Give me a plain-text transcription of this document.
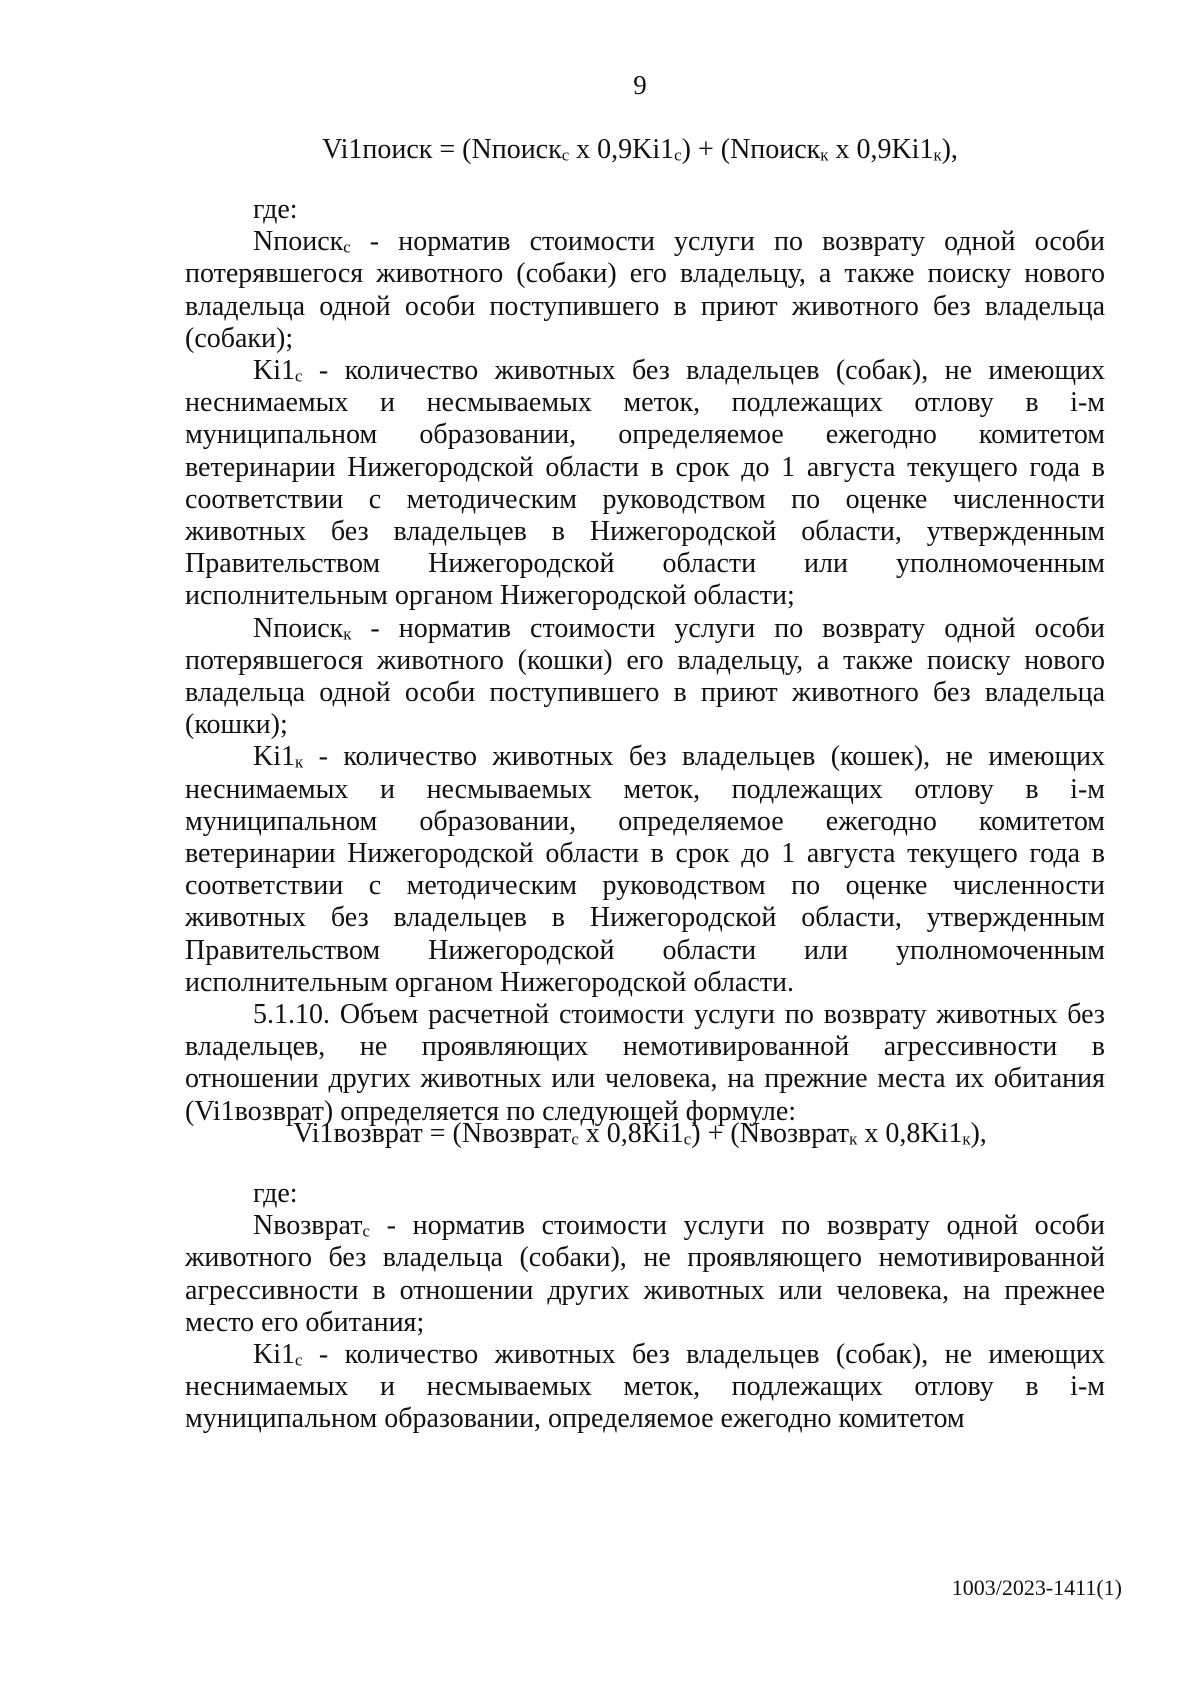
9
Vi1поиск = (Nпоиск$_с$ x $0,9Ki1_с$) + (Nпоиск$_к$ x $0,9Ki1_к$),

где:

Nпоиск$_с$ - норматив стоимости услуги по возврату одной особи потерявшегося животного (собаки) его владельцу, а также поиску нового владельца одной особи поступившего в приют животного без владельца (собаки);

$Ki1_с$ - количество животных без владельцев (собак), не имеющих неснимаемых и несмываемых меток, подлежащих отлову в i-м муниципальном образовании, определяемое ежегодно комитетом ветеринарии Нижегородской области в срок до 1 августа текущего года в соответствии с методическим руководством по оценке численности животных без владельцев в Нижегородской области, утвержденным Правительством Нижегородской области или уполномоченным исполнительным органом Нижегородской области;

Nпоиск$_к$ - норматив стоимости услуги по возврату одной особи потерявшегося животного (кошки) его владельцу, а также поиску нового владельца одной особи поступившего в приют животного без владельца (кошки);

$Ki1_к$ - количество животных без владельцев (кошек), не имеющих неснимаемых и несмываемых меток, подлежащих отлову в i-м муниципальном образовании, определяемое ежегодно комитетом ветеринарии Нижегородской области в срок до 1 августа текущего года в соответствии с методическим руководством по оценке численности животных без владельцев в Нижегородской области, утвержденным Правительством Нижегородской области или уполномоченным исполнительным органом Нижегородской области.

5.1.10. Объем расчетной стоимости услуги по возврату животных без владельцев, не проявляющих немотивированной агрессивности в отношении других животных или человека, на прежние места их обитания (Vi1возврат) определяется по следующей формуле:

Vi1возврат = (Nвозврат$_с$ x $0,8Ki1_с$) + (Nвозврат$_к$ x $0,8Ki1_к$),

где:

Nвозврат$_с$ - норматив стоимости услуги по возврату одной особи животного без владельца (собаки), не проявляющего немотивированной агрессивности в отношении других животных или человека, на прежнее место его обитания;

$Ki1_с$ - количество животных без владельцев (собак), не имеющих неснимаемых и несмываемых меток, подлежащих отлову в i-м муниципальном образовании, определяемое ежегодно комитетом

1003/2023-1411(1)
